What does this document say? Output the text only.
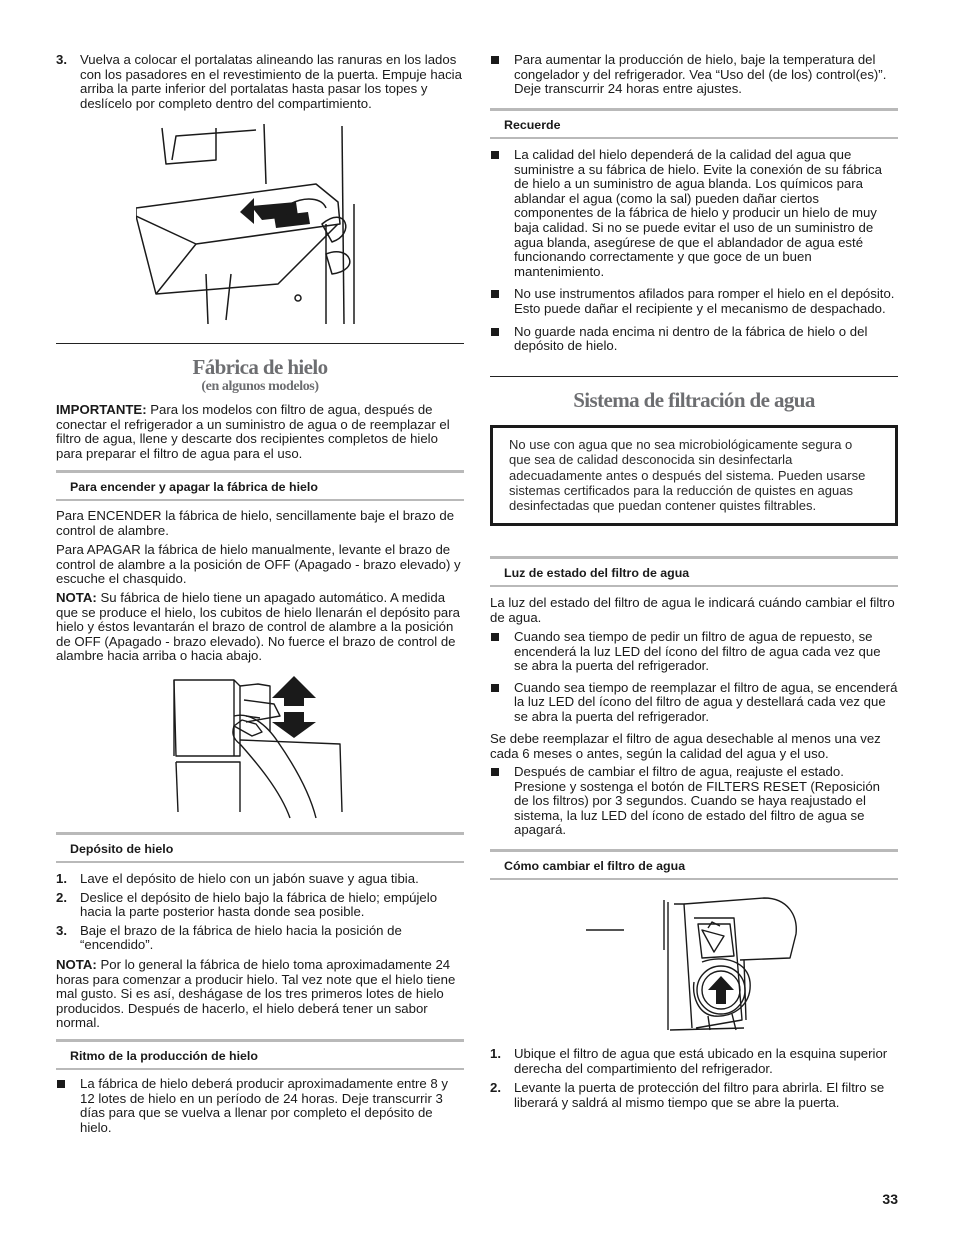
3. Vuelva a colocar el portalatas alineando las ranuras en los lados con los pasadores en el revestimiento de la puerta. Empuje hacia arriba la parte inferior del portalatas hasta pasar los topes y deslícelo por completo dentro del compartimiento.

Fábrica de hielo
(en algunos modelos)

IMPORTANTE: Para los modelos con filtro de agua, después de conectar el refrigerador a un suministro de agua o de reemplazar el filtro de agua, llene y descarte dos recipientes completos de hielo para preparar el filtro de agua para el uso.

Para encender y apagar la fábrica de hielo

Para ENCENDER la fábrica de hielo, sencillamente baje el brazo de control de alambre.

Para APAGAR la fábrica de hielo manualmente, levante el brazo de control de alambre a la posición de OFF (Apagado - brazo elevado) y escuche el chasquido.

NOTA: Su fábrica de hielo tiene un apagado automático. A medida que se produce el hielo, los cubitos de hielo llenarán el depósito para hielo y éstos levantarán el brazo de control de alambre a la posición de OFF (Apagado - brazo elevado). No fuerce el brazo de control de alambre hacia arriba o hacia abajo.

Depósito de hielo

1. Lave el depósito de hielo con un jabón suave y agua tibia.

2. Deslice el depósito de hielo bajo la fábrica de hielo; empújelo hacia la parte posterior hasta donde sea posible.

3. Baje el brazo de la fábrica de hielo hacia la posición de “encendido”.

NOTA: Por lo general la fábrica de hielo toma aproximadamente 24 horas para comenzar a producir hielo. Tal vez note que el hielo tiene mal gusto. Si es así, deshágase de los tres primeros lotes de hielo producidos. Después de hacerlo, el hielo deberá tener un sabor normal.

Ritmo de la producción de hielo

La fábrica de hielo deberá producir aproximadamente entre 8 y 12 lotes de hielo en un período de 24 horas. Deje transcurrir 3 días para que se vuelva a llenar por completo el depósito de hielo.

Para aumentar la producción de hielo, baje la temperatura del congelador y del refrigerador. Vea “Uso del (de los) control(es)”. Deje transcurrir 24 horas entre ajustes.

Recuerde

La calidad del hielo dependerá de la calidad del agua que suministre a su fábrica de hielo. Evite la conexión de su fábrica de hielo a un suministro de agua blanda. Los químicos para ablandar el agua (como la sal) pueden dañar ciertos componentes de la fábrica de hielo y producir un hielo de muy baja calidad. Si no se puede evitar el uso de un suministro de agua blanda, asegúrese de que el ablandador de agua esté funcionando correctamente y que goce de un buen mantenimiento.

No use instrumentos afilados para romper el hielo en el depósito. Esto puede dañar el recipiente y el mecanismo de despachado.

No guarde nada encima ni dentro de la fábrica de hielo o del depósito de hielo.

Sistema de filtración de agua

No use con agua que no sea microbiológicamente segura o que sea de calidad desconocida sin desinfectarla adecuadamente antes o después del sistema. Pueden usarse sistemas certificados para la reducción de quistes en aguas desinfectadas que puedan contener quistes filtrables.

Luz de estado del filtro de agua

La luz del estado del filtro de agua le indicará cuándo cambiar el filtro de agua.

Cuando sea tiempo de pedir un filtro de agua de repuesto, se encenderá la luz LED del ícono del filtro de agua cada vez que se abra la puerta del refrigerador.

Cuando sea tiempo de reemplazar el filtro de agua, se encenderá la luz LED del ícono del filtro de agua y destellará cada vez que se abra la puerta del refrigerador.

Se debe reemplazar el filtro de agua desechable al menos una vez cada 6 meses o antes, según la calidad del agua y el uso.

Después de cambiar el filtro de agua, reajuste el estado. Presione y sostenga el botón de FILTERS RESET (Reposición de los filtros) por 3 segundos. Cuando se haya reajustado el sistema, la luz LED del ícono de estado del filtro de agua se apagará.

Cómo cambiar el filtro de agua

1. Ubique el filtro de agua que está ubicado en la esquina superior derecha del compartimiento del refrigerador.

2. Levante la puerta de protección del filtro para abrirla. El filtro se liberará y saldrá al mismo tiempo que se abre la puerta.

33
